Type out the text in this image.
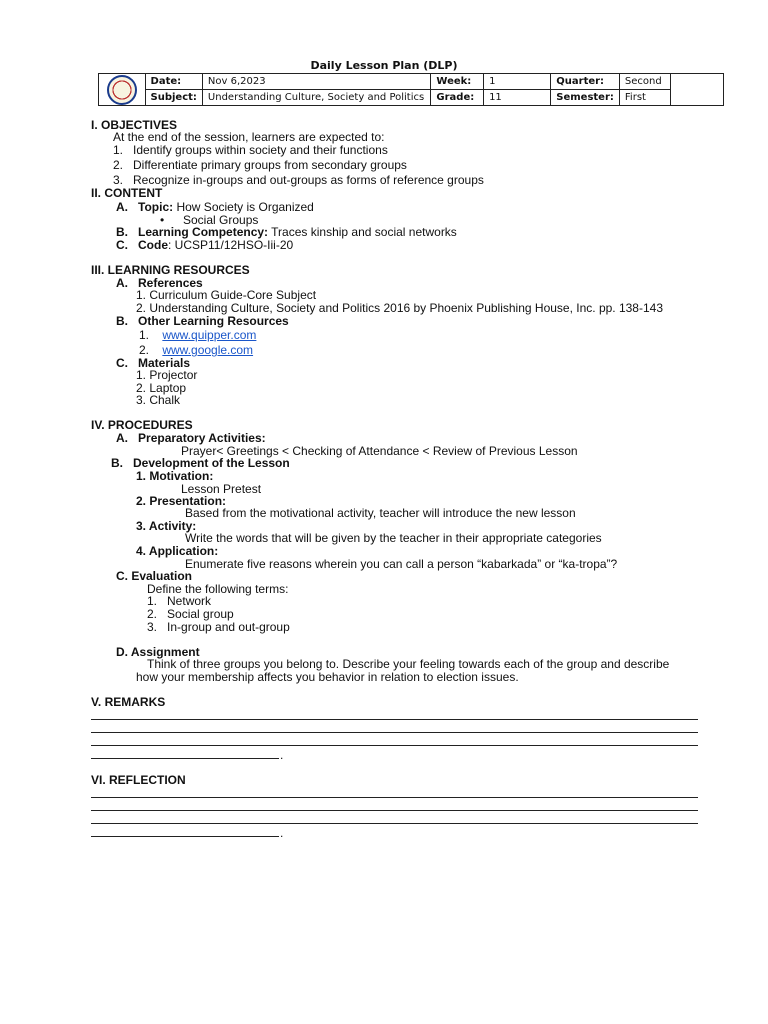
Daily Lesson Plan (DLP)
	Date:	Nov 6,2023	Week:	1	Quarter:	Second	
	Subject:	Understanding Culture, Society and Politics	Grade:	11	Semester:	First	
I. OBJECTIVES
At the end of the session, learners are expected to:
1.   Identify groups within society and their functions
2.   Differentiate primary groups from secondary groups
3.   Recognize in-groups and out-groups as forms of reference groups
II. CONTENT
A.   Topic: How Society is Organized
• Social Groups
B.   Learning Competency: Traces kinship and social networks
C.   Code: UCSP11/12HSO-Iii-20
III. LEARNING RESOURCES
A.   References
1. Curriculum Guide-Core Subject
2. Understanding Culture, Society and Politics 2016 by Phoenix Publishing House, Inc. pp. 138-143
B.   Other Learning Resources
1.    www.quipper.com
2.    www.google.com
C.   Materials
1. Projector
2. Laptop
3. Chalk
IV. PROCEDURES
A.   Preparatory Activities:
Prayer< Greetings < Checking of Attendance < Review of Previous Lesson
B.   Development of the Lesson
1. Motivation:
Lesson Pretest
2. Presentation:
Based from the motivational activity, teacher will introduce the new lesson
3. Activity:
Write the words that will be given by the teacher in their appropriate categories
4. Application:
Enumerate five reasons wherein you can call a person “kabarkada” or “ka-tropa”?
C. Evaluation
Define the following terms:
1.   Network
2.   Social group
3.   In-group and out-group
D. Assignment
Think of three groups you belong to. Describe your feeling towards each of the group and describe
how your membership affects you behavior in relation to election issues.
V. REMARKS
.
VI. REFLECTION
.
